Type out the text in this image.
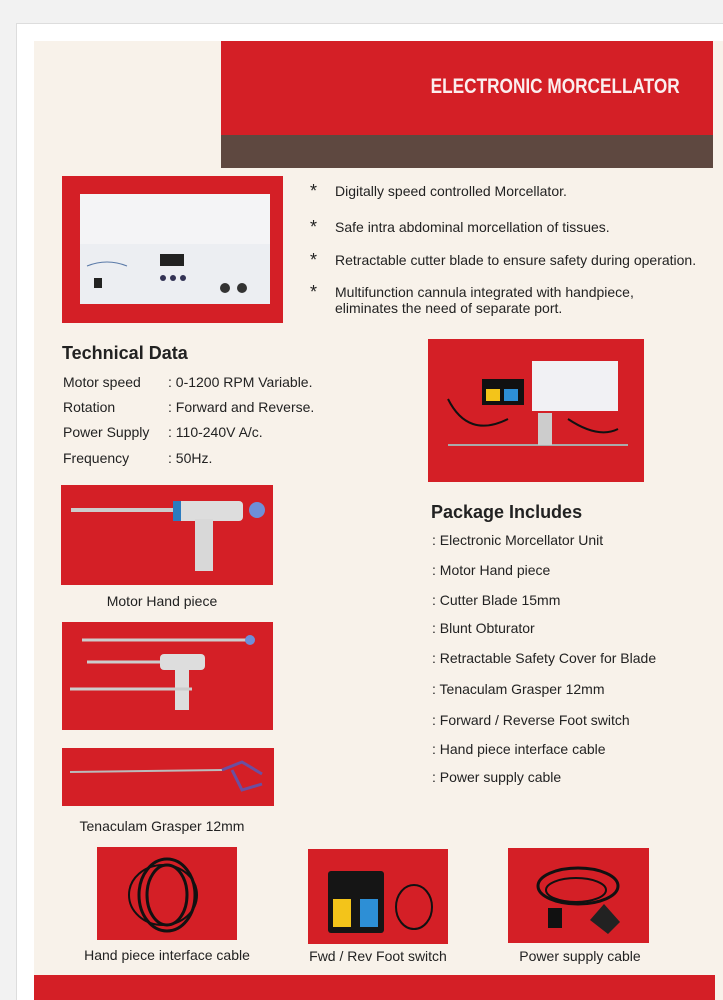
ELECTRONIC MORCELLATOR
*	Digitally speed controlled Morcellator.
*	Safe intra abdominal morcellation of tissues.
*	Retractable cutter blade to ensure safety during operation.
*	Multifunction cannula integrated with handpiece,
eliminates the need of separate port.
Technical Data
Motor speed : 0-1200 RPM Variable.
Rotation	: Forward and Reverse.
Power Supply : 110-240V A/c.
Frequency	: 50Hz.
Package Includes
: Electronic Morcellator Unit
: Motor Hand piece
: Cutter Blade 15mm
: Blunt Obturator
: Retractable Safety Cover for Blade
: Tenaculam Grasper 12mm
: Forward / Reverse Foot switch
: Hand piece interface cable
: Power supply cable
Motor Hand piece
Tenaculam Grasper 12mm
Hand piece interface cable	Fwd / Rev Foot switch	Power supply cable
